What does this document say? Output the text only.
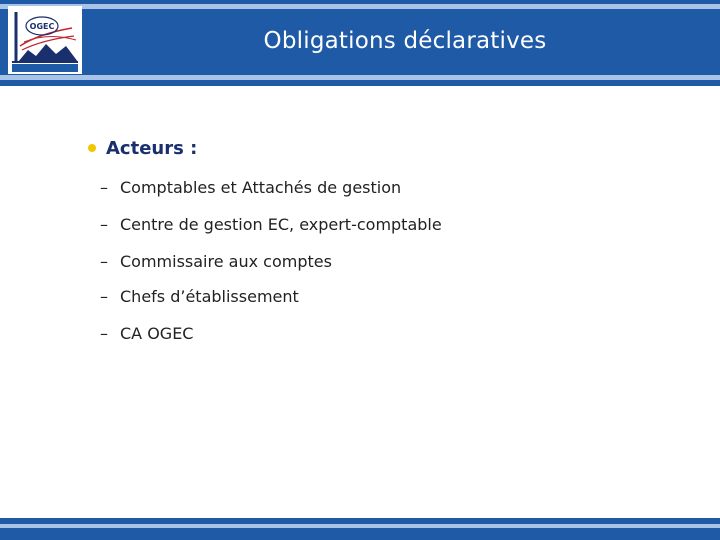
OGEC
Obligations déclaratives
Acteurs :
– Comptables et Attachés de gestion
– Centre de gestion EC, expert-comptable
– Commissaire aux comptes
– Chefs d’établissement
– CA OGEC
